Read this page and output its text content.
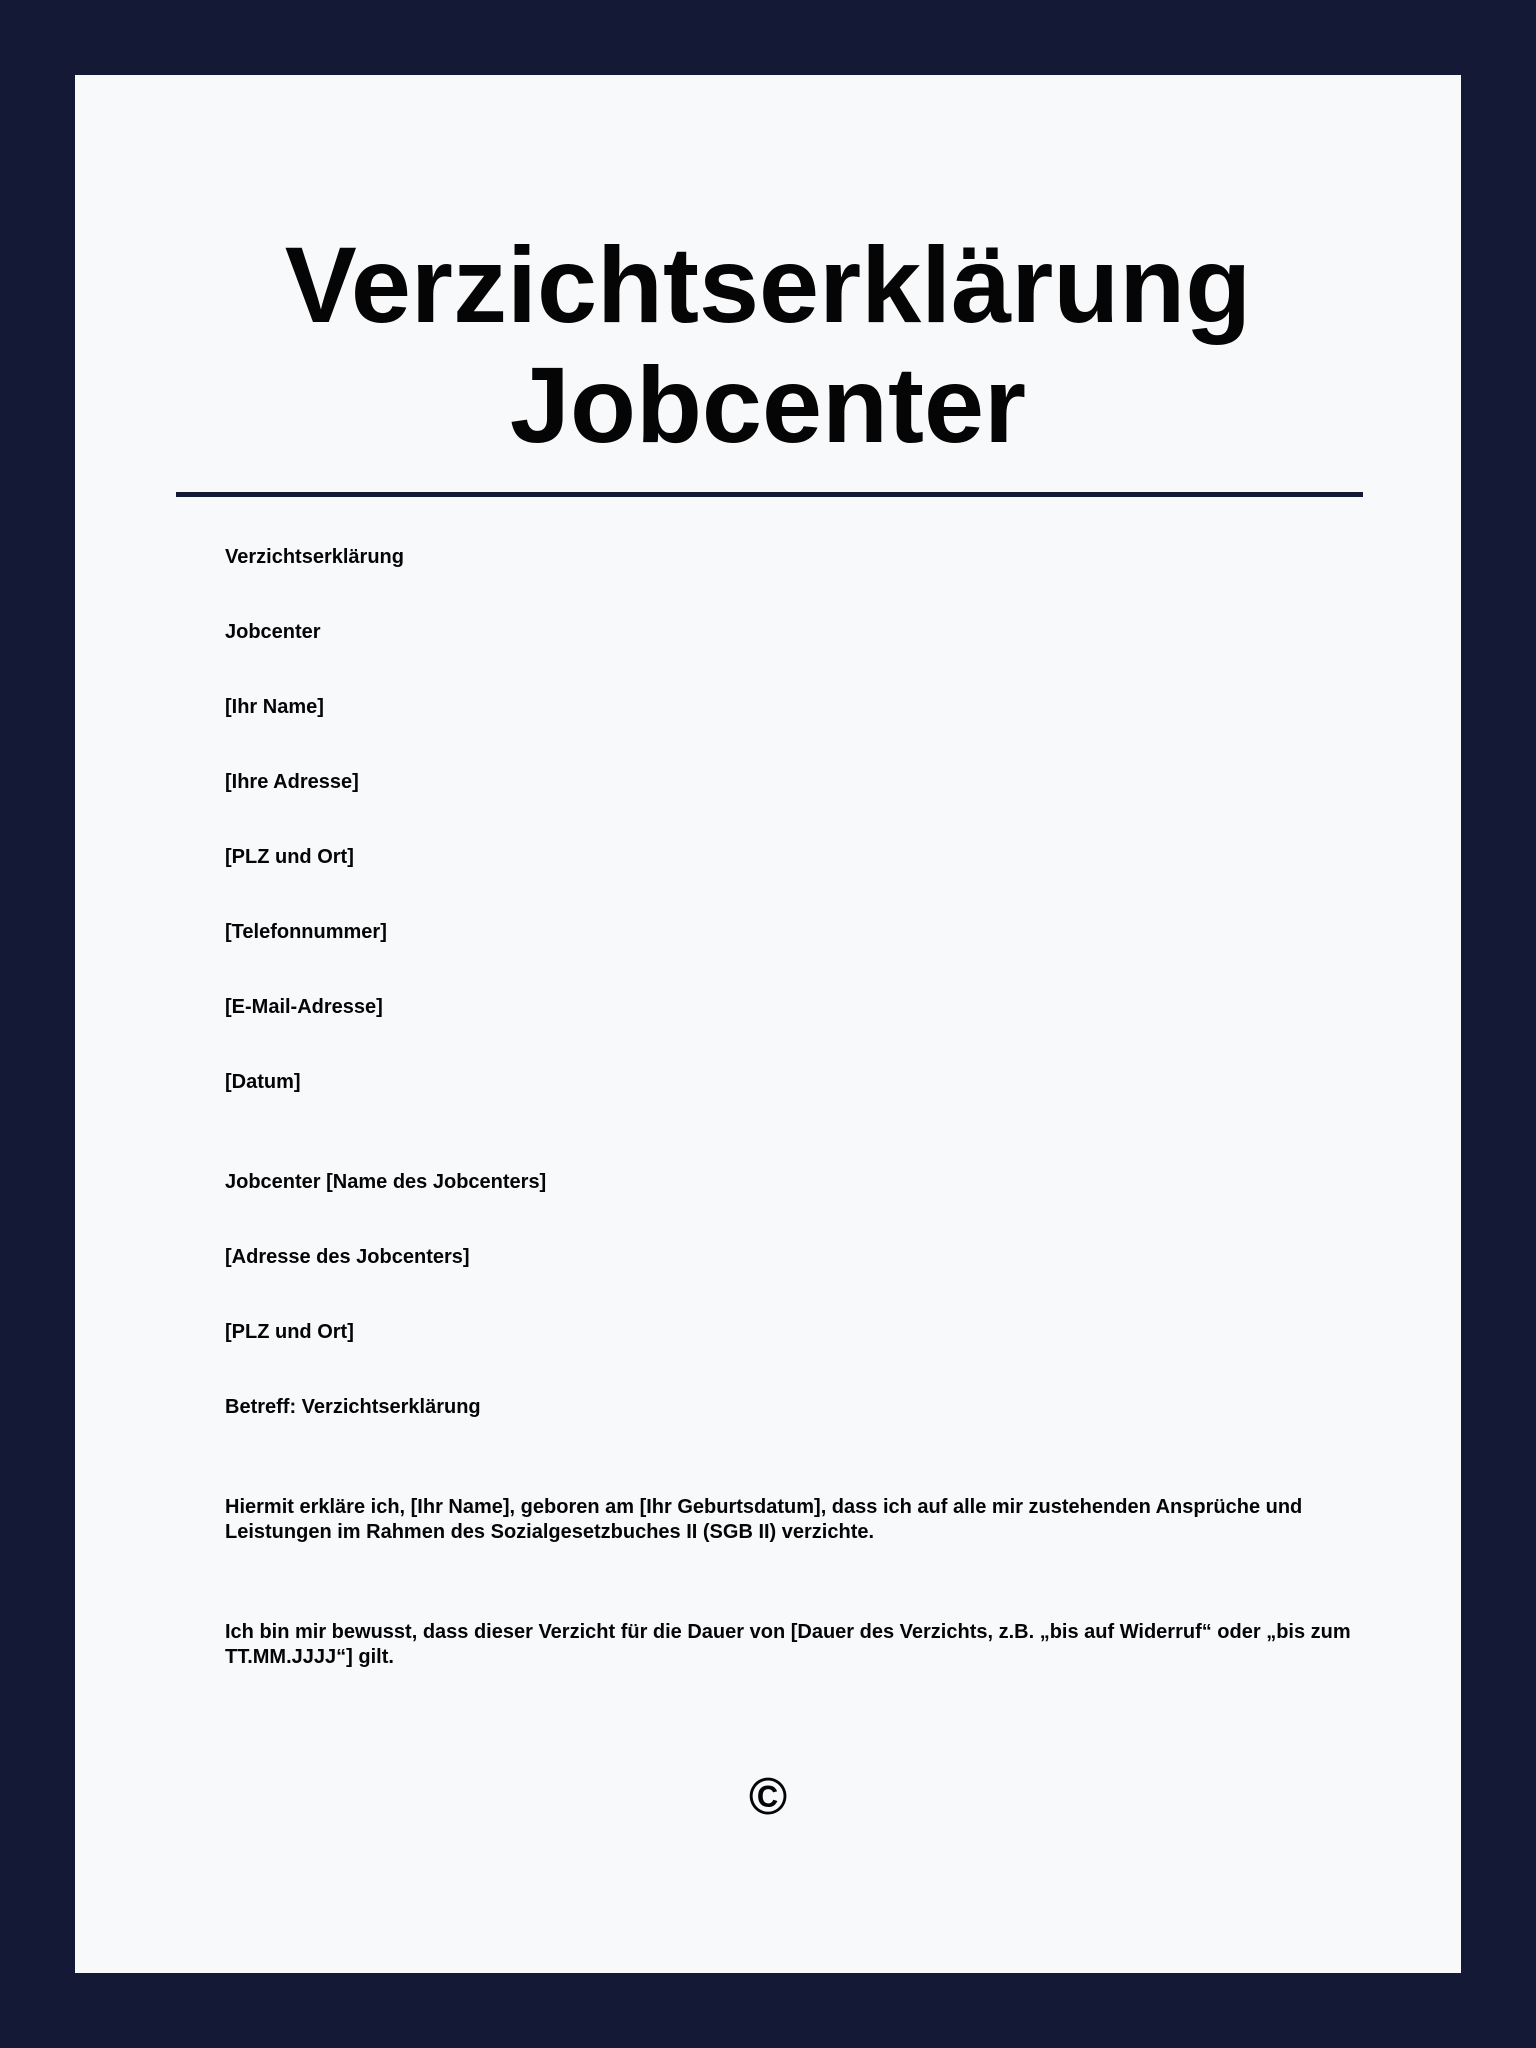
Verzichtserklärung
Jobcenter
Verzichtserklärung
Jobcenter
[Ihr Name]
[Ihre Adresse]
[PLZ und Ort]
[Telefonnummer]
[E-Mail-Adresse]
[Datum]
Jobcenter [Name des Jobcenters]
[Adresse des Jobcenters]
[PLZ und Ort]
Betreff: Verzichtserklärung
Hiermit erkläre ich, [Ihr Name], geboren am [Ihr Geburtsdatum], dass ich auf alle mir zustehenden Ansprüche und Leistungen im Rahmen des Sozialgesetzbuches II (SGB II) verzichte.
Ich bin mir bewusst, dass dieser Verzicht für die Dauer von [Dauer des Verzichts, z.B. „bis auf Widerruf“ oder „bis zum TT.MM.JJJJ“] gilt.
©
